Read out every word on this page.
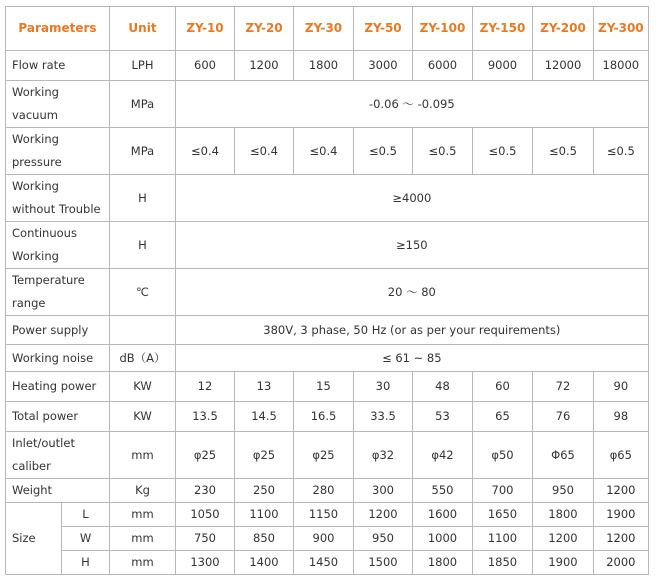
Parameters		Unit	ZY-10	ZY-20	ZY-30	ZY-50	ZY-100	ZY-150	ZY-200	ZY-300
Flow rate		LPH	600	1200	1800	3000	6000	9000	12000	18000
Working vacuum		MPa	-0.06 ～ -0.095							
Working pressure		MPa	≤0.4	≤0.4	≤0.4	≤0.5	≤0.5	≤0.5	≤0.5	≤0.5
Working without Trouble		H	≥4000							
Continuous Working		H	≥150							
Temperature range		℃	20 ～ 80							
Power supply			380V, 3 phase, 50 Hz (or as per your requirements)							
Working noise		dB（A）	≤ 61 ~ 85							
Heating power		KW	12	13	15	30	48	60	72	90
Total power		KW	13.5	14.5	16.5	33.5	53	65	76	98
Inlet/outlet caliber		mm	φ25	φ25	φ25	φ32	φ42	φ50	Φ65	φ65
Weight		Kg	230	250	280	300	550	700	950	1200
Size	L	mm	1050	1100	1150	1200	1600	1650	1800	1900
	W	mm	750	850	900	950	1000	1100	1200	1200
	H	mm	1300	1400	1450	1500	1800	1850	1900	2000
